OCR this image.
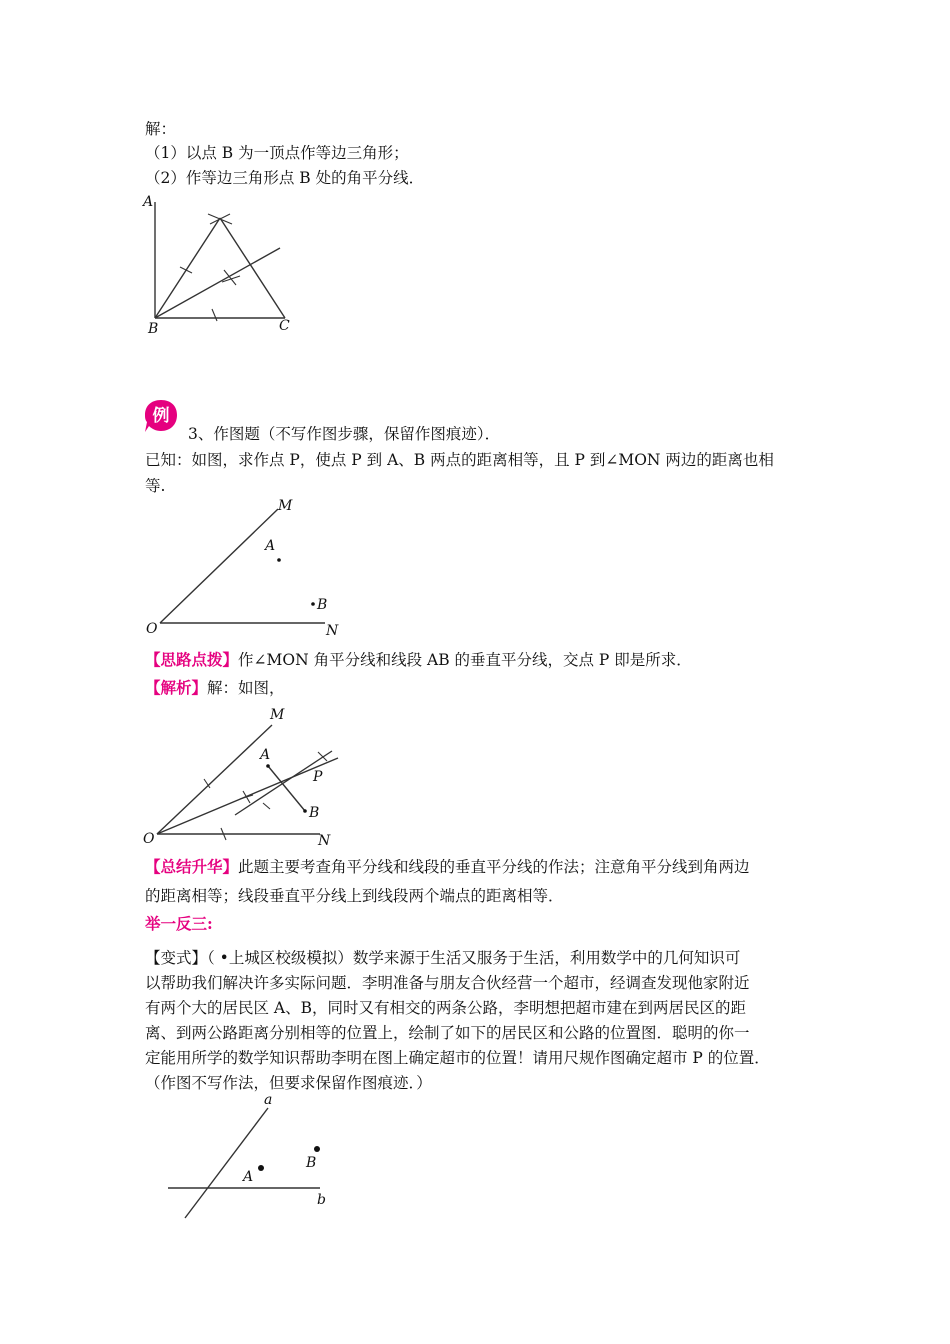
解：
（1）以点 B 为一顶点作等边三角形；
（2）作等边三角形点 B 处的角平分线．
A
B	C
例
3、作图题（不写作图步骤，保留作图痕迹）．
已知：如图，求作点 P，使点 P 到 A、B 两点的距离相等，且 P 到∠MON 两边的距离也相
等.
M
A
B
O	N
【思路点拨】作∠MON 角平分线和线段 AB 的垂直平分线，交点 P 即是所求．
【解析】解：如图，
M
A
P
B
O	N
【总结升华】此题主要考查角平分线和线段的垂直平分线的作法；注意角平分线到角两边
的距离相等；线段垂直平分线上到线段两个端点的距离相等．
举一反三:
【变式】（ •上城区校级模拟）数学来源于生活又服务于生活，利用数学中的几何知识可
以帮助我们解决许多实际问题．李明准备与朋友合伙经营一个超市，经调查发现他家附近
有两个大的居民区 A、B，同时又有相交的两条公路，李明想把超市建在到两居民区的距
离、到两公路距离分别相等的位置上，绘制了如下的居民区和公路的位置图．聪明的你一
定能用所学的数学知识帮助李明在图上确定超市的位置！请用尺规作图确定超市 P 的位置．
（作图不写作法，但要求保留作图痕迹．）
a
B
A
b
